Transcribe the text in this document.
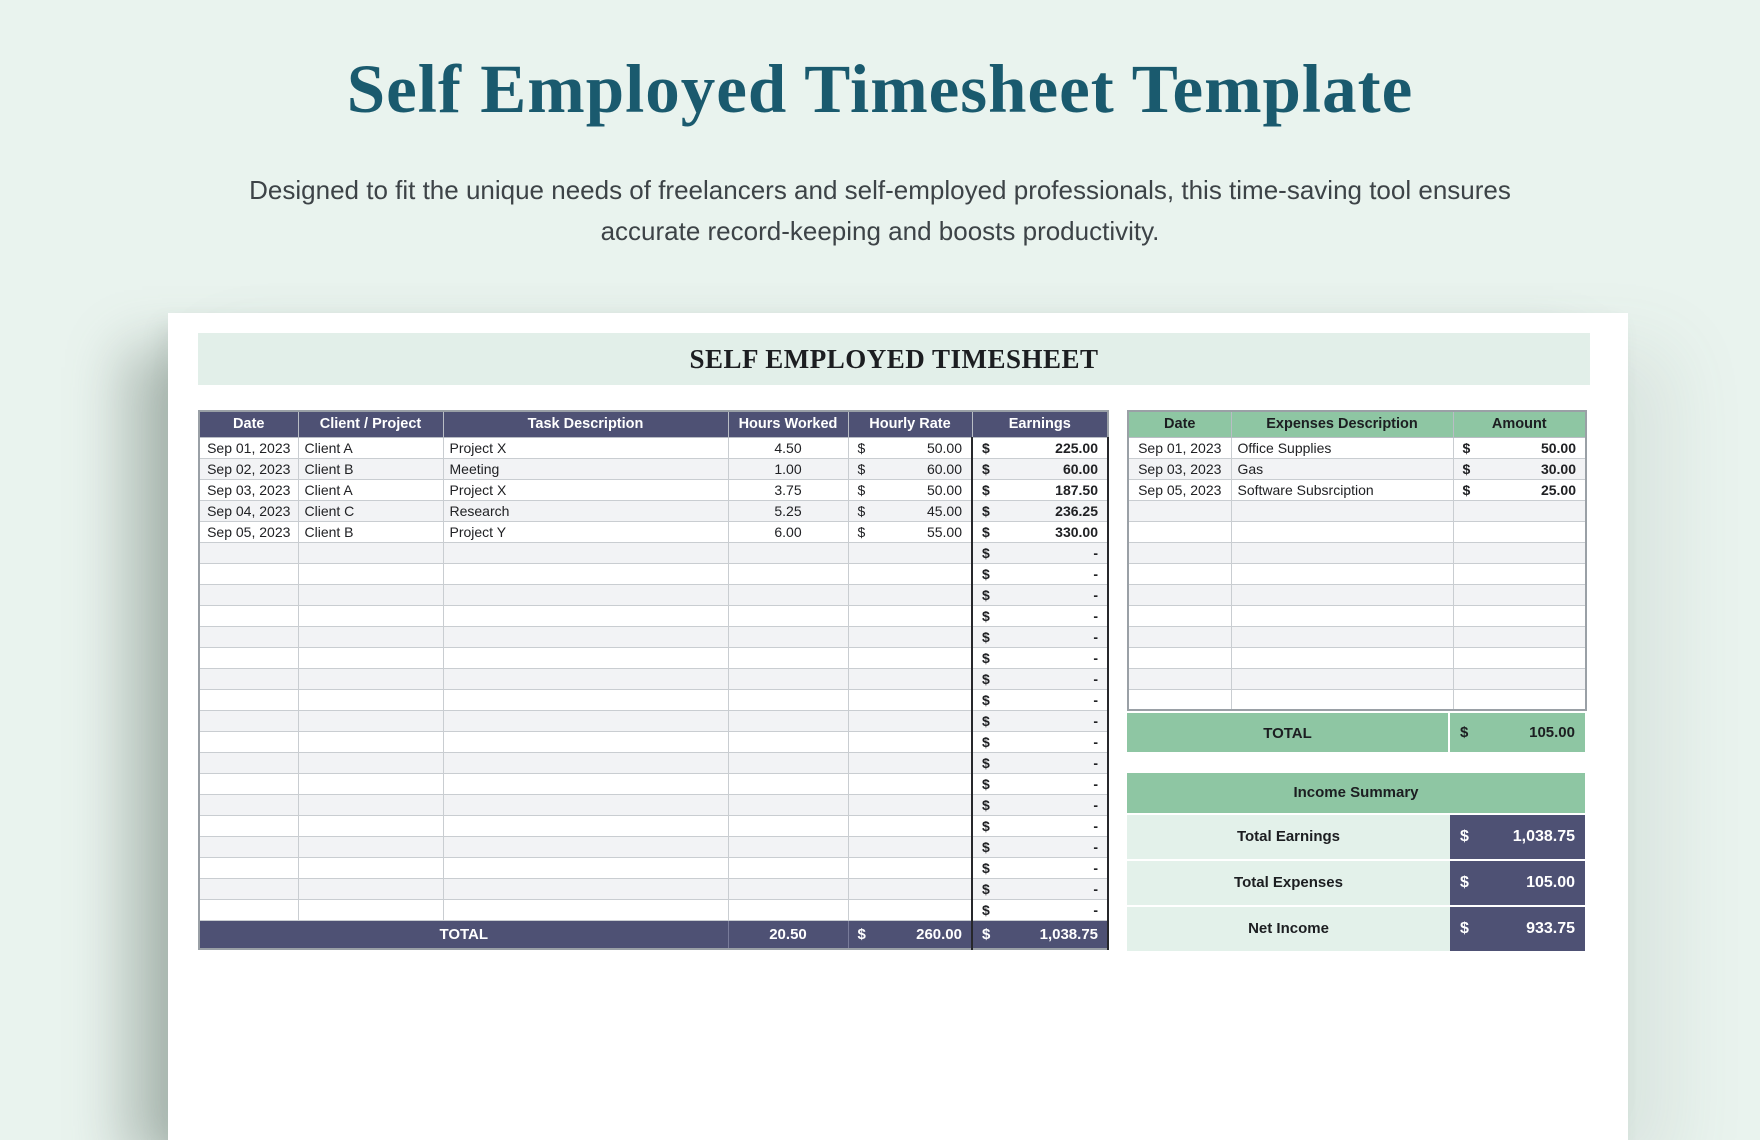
Self Employed Timesheet Template

Designed to fit the unique needs of freelancers and self-employed professionals, this time-saving tool ensures accurate record-keeping and boosts productivity.

SELF EMPLOYED TIMESHEET
Date	Client / Project	Task Description	Hours Worked	Hourly Rate	Earnings
Sep 01, 2023	Client A	Project X	4.50	$ 50.00	$ 225.00

Sep 02, 2023	Client B	Meeting	1.00	$ 60.00	$ 60.00

Sep 03, 2023	Client A	Project X	3.75	$ 50.00	$ 187.50

Sep 04, 2023	Client C	Research	5.25	$ 45.00	$ 236.25

Sep 05, 2023	Client B	Project Y	6.00	$ 55.00	$ 330.00

					$ -

					$ -

					$ -

					$ -

					$ -

					$ -

					$ -

					$ -

					$ -

					$ -

					$ -

					$ -

					$ -

					$ -

					$ -

					$ -

					$ -

					$ -

TOTAL			20.50	$ 260.00	$ 1,038.75
Date	Expenses Description	Amount
Sep 01, 2023	Office Supplies	$ 50.00

Sep 03, 2023	Gas	$ 30.00

Sep 05, 2023	Software Subsrciption	$ 25.00

TOTAL	$	105.00
Income Summary
Total Earnings	$	1,038.75
Total Expenses	$	105.00
Net Income	$	933.75
